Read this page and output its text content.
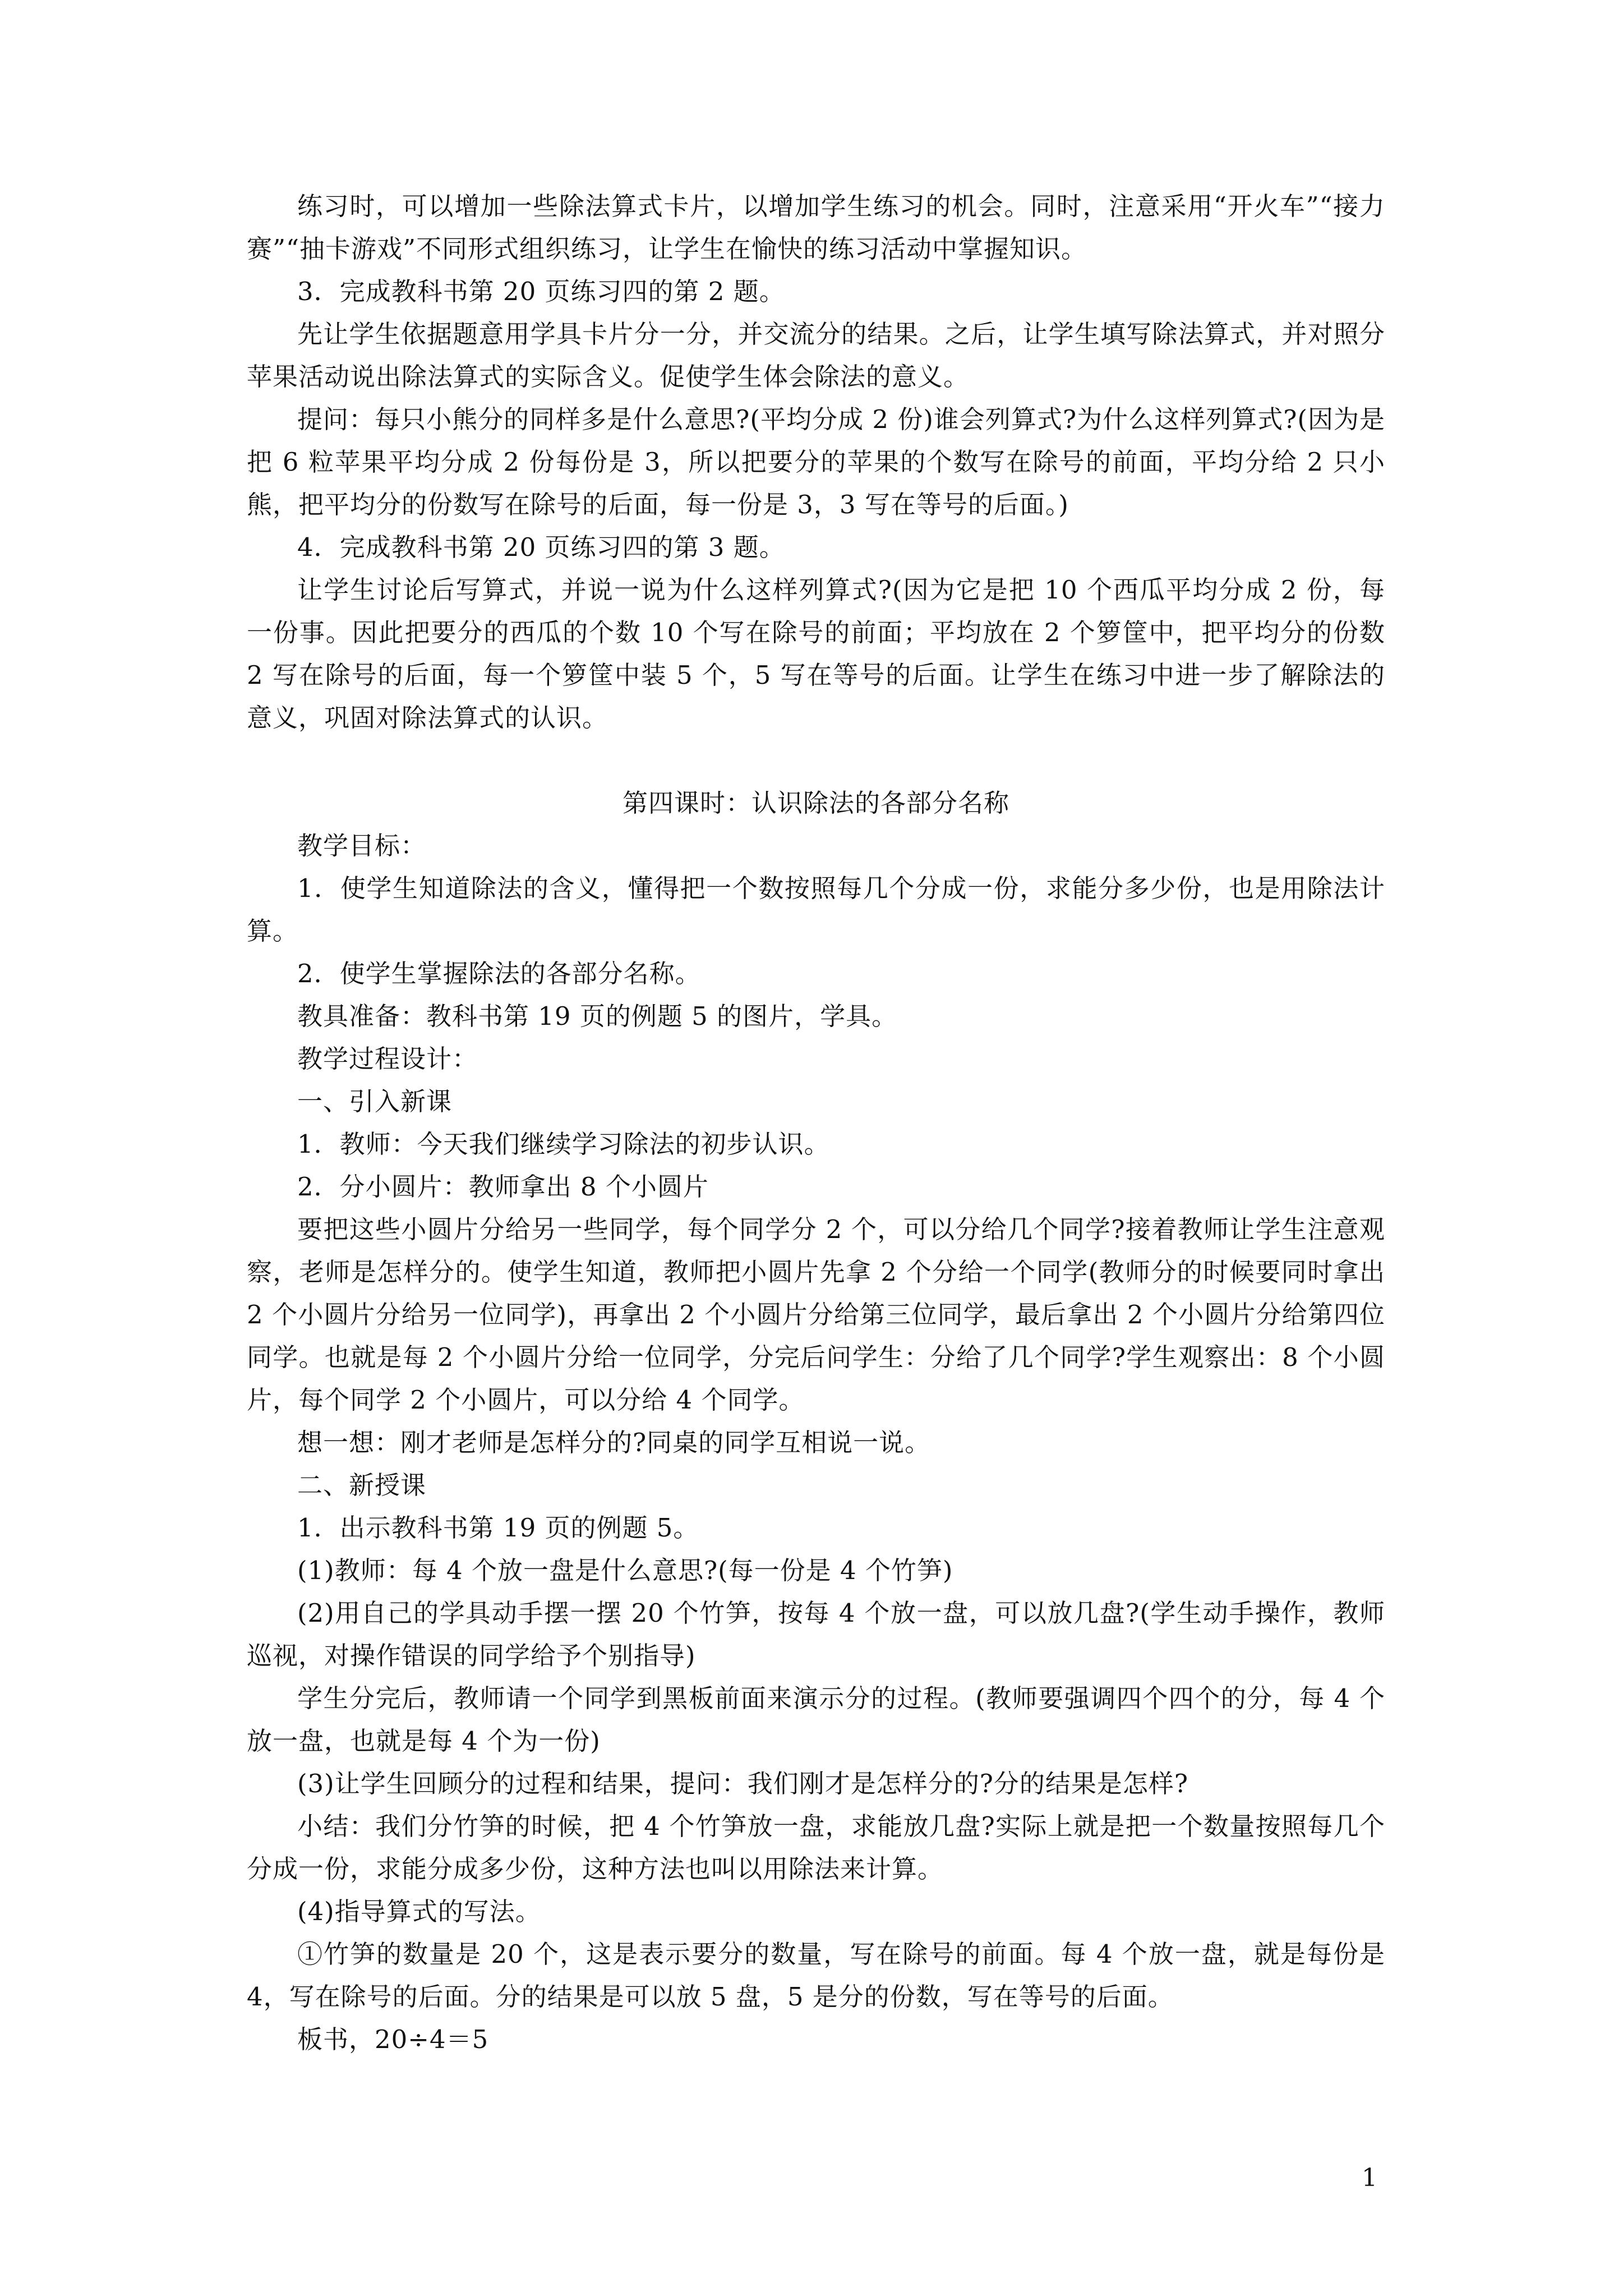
练习时，可以增加一些除法算式卡片，以增加学生练习的机会。同时，注意采用“开火车”“接力赛”“抽卡游戏”不同形式组织练习，让学生在愉快的练习活动中掌握知识。

3．完成教科书第 20 页练习四的第 2 题。

先让学生依据题意用学具卡片分一分，并交流分的结果。之后，让学生填写除法算式，并对照分苹果活动说出除法算式的实际含义。促使学生体会除法的意义。

提问：每只小熊分的同样多是什么意思?(平均分成 2 份)谁会列算式?为什么这样列算式?(因为是把 6 粒苹果平均分成 2 份每份是 3，所以把要分的苹果的个数写在除号的前面，平均分给 2 只小熊，把平均分的份数写在除号的后面，每一份是 3，3 写在等号的后面。)

4．完成教科书第 20 页练习四的第 3 题。

让学生讨论后写算式，并说一说为什么这样列算式?(因为它是把 10 个西瓜平均分成 2 份，每一份事。因此把要分的西瓜的个数 10 个写在除号的前面；平均放在 2 个箩筐中，把平均分的份数 2 写在除号的后面，每一个箩筐中装 5 个，5 写在等号的后面。让学生在练习中进一步了解除法的意义，巩固对除法算式的认识。

第四课时：认识除法的各部分名称

教学目标：

1．使学生知道除法的含义，懂得把一个数按照每几个分成一份，求能分多少份，也是用除法计算。

2．使学生掌握除法的各部分名称。

教具准备：教科书第 19 页的例题 5 的图片，学具。

教学过程设计：

一、引入新课

1．教师：今天我们继续学习除法的初步认识。

2．分小圆片：教师拿出 8 个小圆片

要把这些小圆片分给另一些同学，每个同学分 2 个，可以分给几个同学?接着教师让学生注意观察，老师是怎样分的。使学生知道，教师把小圆片先拿 2 个分给一个同学(教师分的时候要同时拿出 2 个小圆片分给另一位同学)，再拿出 2 个小圆片分给第三位同学，最后拿出 2 个小圆片分给第四位同学。也就是每 2 个小圆片分给一位同学，分完后问学生：分给了几个同学?学生观察出：8 个小圆片，每个同学 2 个小圆片，可以分给 4 个同学。

想一想：刚才老师是怎样分的?同桌的同学互相说一说。

二、新授课

1．出示教科书第 19 页的例题 5。

(1)教师：每 4 个放一盘是什么意思?(每一份是 4 个竹笋)

(2)用自己的学具动手摆一摆 20 个竹笋，按每 4 个放一盘，可以放几盘?(学生动手操作，教师巡视，对操作错误的同学给予个别指导)

学生分完后，教师请一个同学到黑板前面来演示分的过程。(教师要强调四个四个的分，每 4 个放一盘，也就是每 4 个为一份)

(3)让学生回顾分的过程和结果，提问：我们刚才是怎样分的?分的结果是怎样?

小结：我们分竹笋的时候，把 4 个竹笋放一盘，求能放几盘?实际上就是把一个数量按照每几个分成一份，求能分成多少份，这种方法也叫以用除法来计算。

(4)指导算式的写法。

①竹笋的数量是 20 个，这是表示要分的数量，写在除号的前面。每 4 个放一盘，就是每份是 4，写在除号的后面。分的结果是可以放 5 盘，5 是分的份数，写在等号的后面。

板书，20÷4＝5

1
